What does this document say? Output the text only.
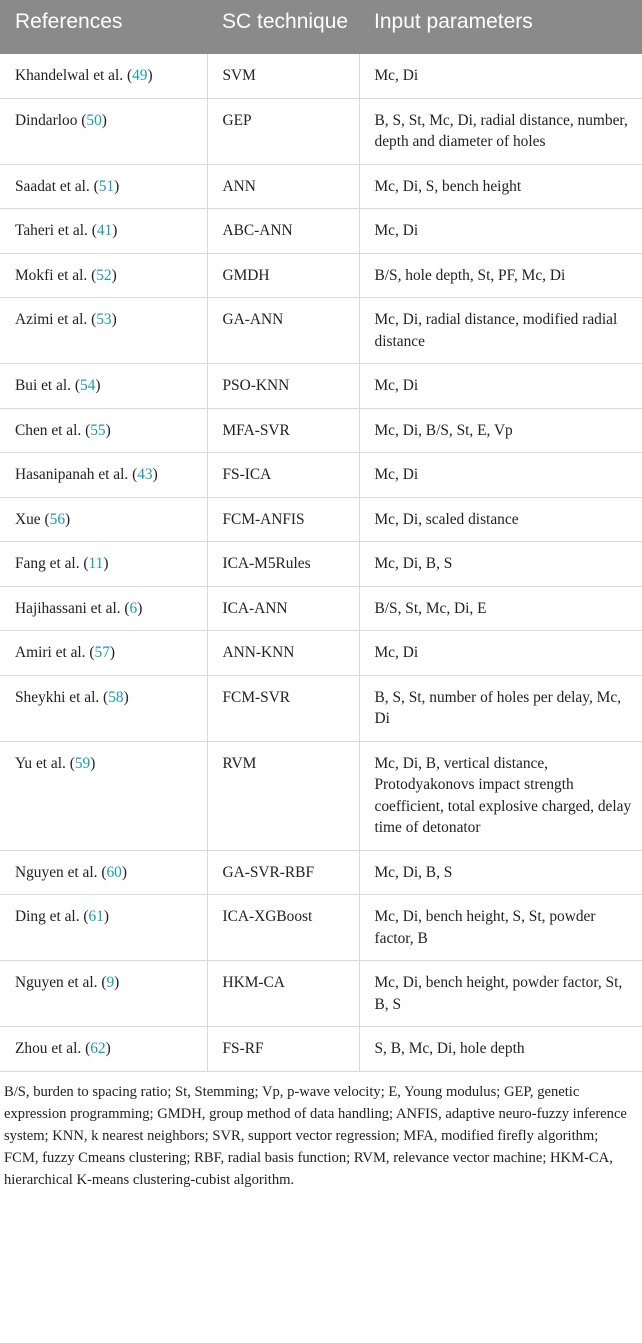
References	SC technique	Input parameters
Khandelwal et al. (49)	SVM	Mc, Di
Dindarloo (50)	GEP	B, S, St, Mc, Di, radial distance, number, depth and diameter of holes
Saadat et al. (51)	ANN	Mc, Di, S, bench height
Taheri et al. (41)	ABC-ANN	Mc, Di
Mokfi et al. (52)	GMDH	B/S, hole depth, St, PF, Mc, Di
Azimi et al. (53)	GA-ANN	Mc, Di, radial distance, modified radial distance
Bui et al. (54)	PSO-KNN	Mc, Di
Chen et al. (55)	MFA-SVR	Mc, Di, B/S, St, E, Vp
Hasanipanah et al. (43)	FS-ICA	Mc, Di
Xue (56)	FCM-ANFIS	Mc, Di, scaled distance
Fang et al. (11)	ICA-M5Rules	Mc, Di, B, S
Hajihassani et al. (6)	ICA-ANN	B/S, St, Mc, Di, E
Amiri et al. (57)	ANN-KNN	Mc, Di
Sheykhi et al. (58)	FCM-SVR	B, S, St, number of holes per delay, Mc, Di
Yu et al. (59)	RVM	Mc, Di, B, vertical distance, Protodyakonovs impact strength coefficient, total explosive charged, delay time of detonator
Nguyen et al. (60)	GA-SVR-RBF	Mc, Di, B, S
Ding et al. (61)	ICA-XGBoost	Mc, Di, bench height, S, St, powder factor, B
Nguyen et al. (9)	HKM-CA	Mc, Di, bench height, powder factor, St, B, S
Zhou et al. (62)	FS-RF	S, B, Mc, Di, hole depth
B/S, burden to spacing ratio; St, Stemming; Vp, p-wave velocity; E, Young modulus; GEP, genetic expression programming; GMDH, group method of data handling; ANFIS, adaptive neuro-fuzzy inference system; KNN, k nearest neighbors; SVR, support vector regression; MFA, modified firefly algorithm; FCM, fuzzy Cmeans clustering; RBF, radial basis function; RVM, relevance vector machine; HKM-CA, hierarchical K-means clustering-cubist algorithm.
